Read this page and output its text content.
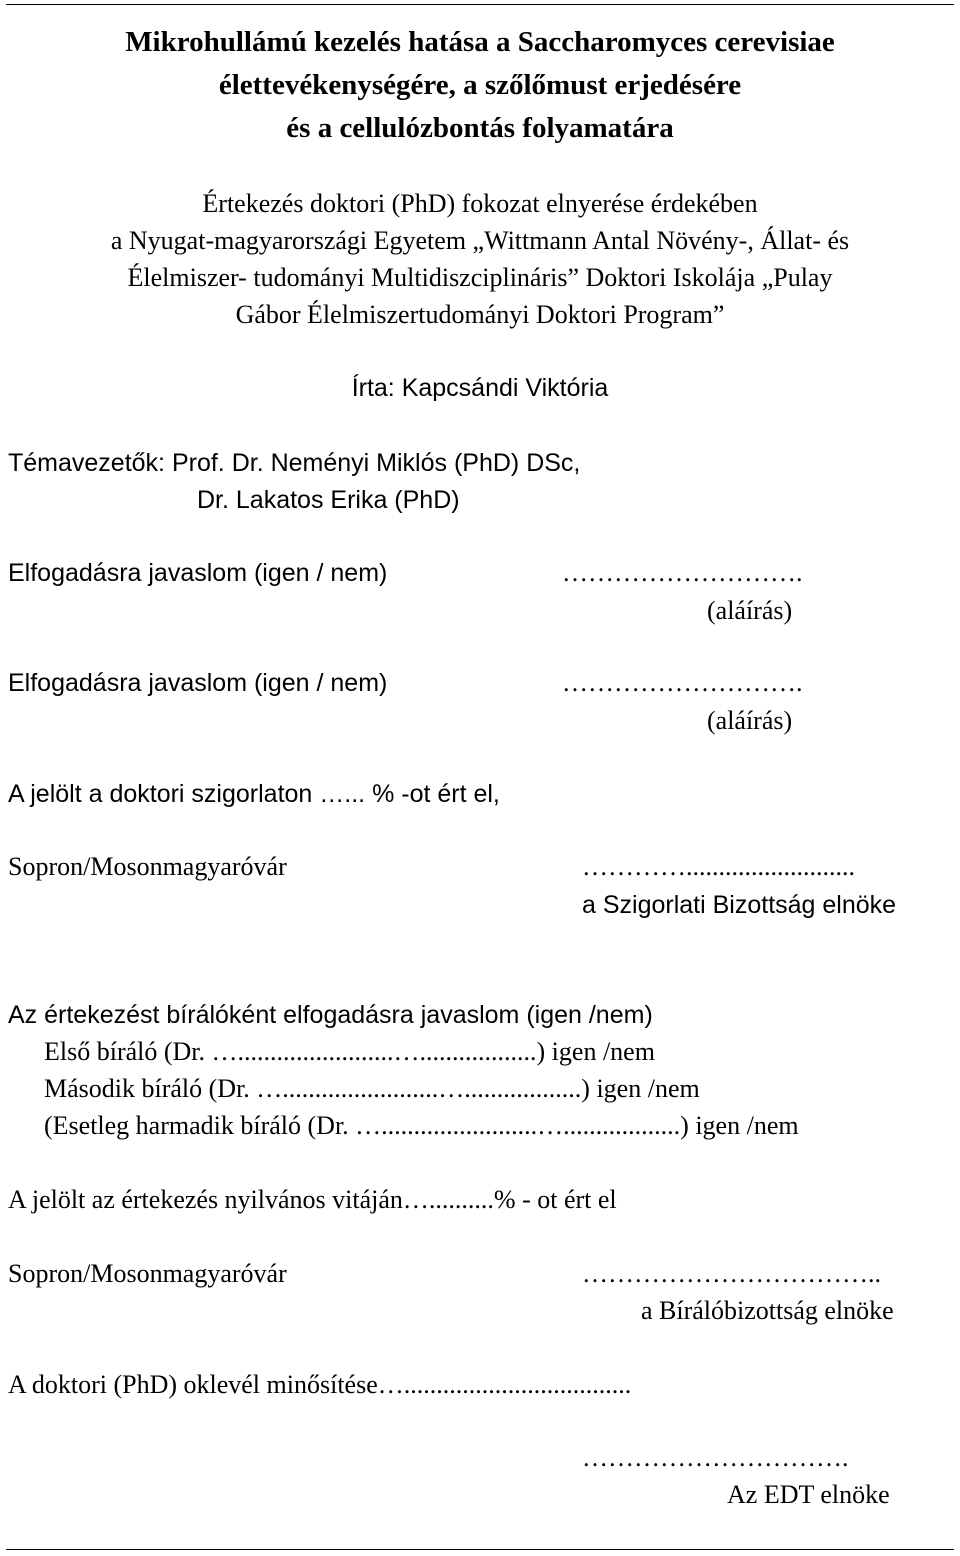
Mikrohullámú kezelés hatása a Saccharomyces cerevisiae
élettevékenységére, a szőlőmust erjedésére
és a cellulózbontás folyamatára
Értekezés doktori (PhD) fokozat elnyerése érdekében
a Nyugat-magyarországi Egyetem „Wittmann Antal Növény-, Állat- és
Élelmiszer- tudományi Multidiszciplináris” Doktori Iskolája „Pulay
Gábor Élelmiszertudományi Doktori Program”
Írta: Kapcsándi Viktória
Témavezetők: Prof. Dr. Neményi Miklós (PhD) DSc,
Dr. Lakatos Erika (PhD)
Elfogadásra javaslom (igen / nem)	……………………….
(aláírás)
Elfogadásra javaslom (igen / nem)	……………………….
(aláírás)
A jelölt a doktori szigorlaton …... % -ot ért el,
Sopron/Mosonmagyaróvár	…………..........................
a Szigorlati Bizottság elnöke
Az értekezést bírálóként elfogadásra javaslom (igen /nem)
Első bíráló (Dr. …........................…..................) igen /nem
Második bíráló (Dr. …........................…..................) igen /nem
(Esetleg harmadik bíráló (Dr. …........................…..................) igen /nem
A jelölt az értekezés nyilvános vitáján…..........% - ot ért el
Sopron/Mosonmagyaróvár	……………………………..
a Bírálóbizottság elnöke
A doktori (PhD) oklevél minősítése…...................................
………………………….
Az EDT elnöke
